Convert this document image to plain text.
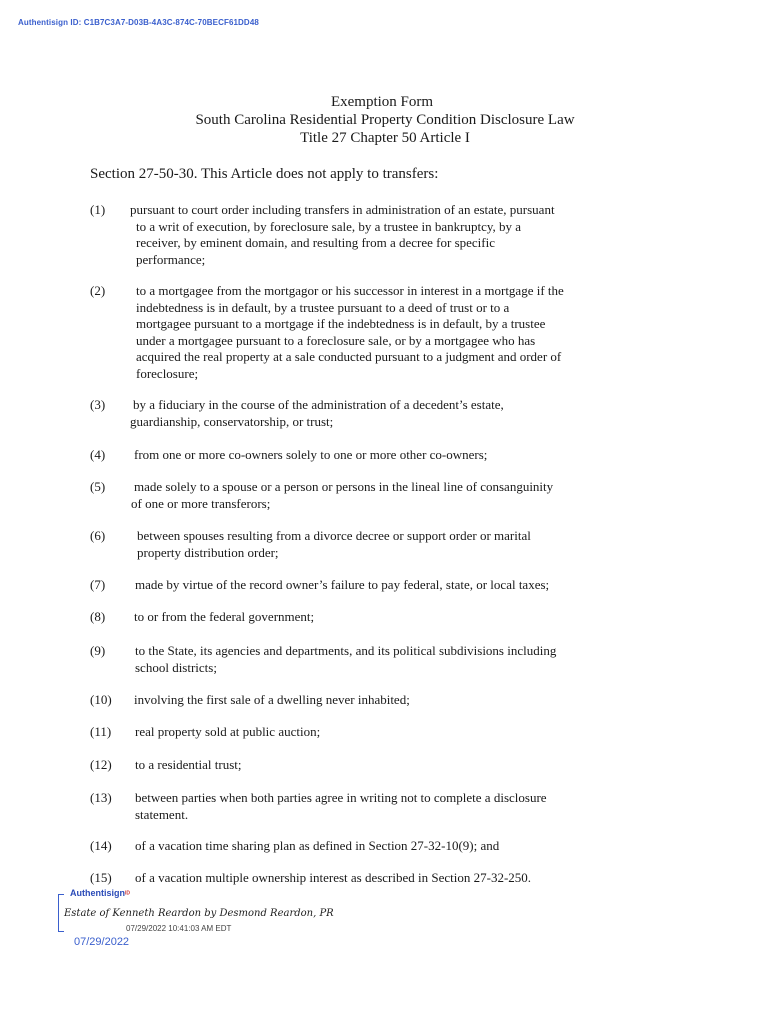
Authentisign ID: C1B7C3A7-D03B-4A3C-874C-70BECF61DD48
Exemption Form
South Carolina Residential Property Condition Disclosure Law
Title 27 Chapter 50 Article I
Section 27-50-30. This Article does not apply to transfers:
(1) pursuant to court order including transfers in administration of an estate, pursuant
to a writ of execution, by foreclosure sale, by a trustee in bankruptcy, by a
receiver, by eminent domain, and resulting from a decree for specific
performance;
(2) to a mortgagee from the mortgagor or his successor in interest in a mortgage if the
indebtedness is in default, by a trustee pursuant to a deed of trust or to a
mortgagee pursuant to a mortgage if the indebtedness is in default, by a trustee
under a mortgagee pursuant to a foreclosure sale, or by a mortgagee who has
acquired the real property at a sale conducted pursuant to a judgment and order of
foreclosure;
(3) by a fiduciary in the course of the administration of a decedent’s estate,
guardianship, conservatorship, or trust;
(4) from one or more co-owners solely to one or more other co-owners;
(5) made solely to a spouse or a person or persons in the lineal line of consanguinity
of one or more transferors;
(6) between spouses resulting from a divorce decree or support order or marital
property distribution order;
(7) made by virtue of the record owner’s failure to pay federal, state, or local taxes;
(8) to or from the federal government;
(9) to the State, its agencies and departments, and its political subdivisions including
school districts;
(10) involving the first sale of a dwelling never inhabited;
(11) real property sold at public auction;
(12) to a residential trust;
(13) between parties when both parties agree in writing not to complete a disclosure
statement.
(14) of a vacation time sharing plan as defined in Section 27-32-10(9); and
(15) of a vacation multiple ownership interest as described in Section 27-32-250.
AuthentisignID
Estate of Kenneth Reardon by Desmond Reardon, PR
07/29/2022 10:41:03 AM EDT
07/29/2022
